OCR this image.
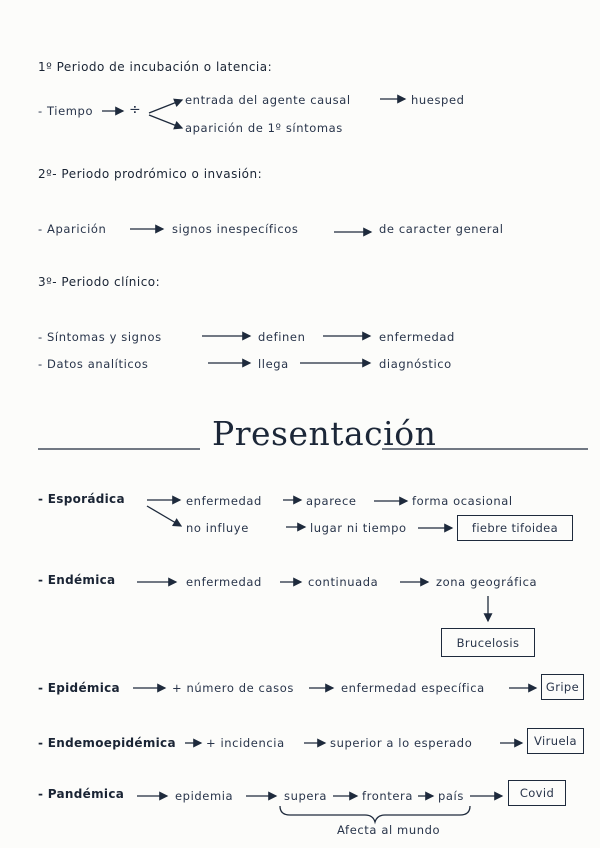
1º Periodo de incubación o latencia:
- Tiempo	÷
entrada del agente causal	huesped
aparición de 1º síntomas
2º- Periodo prodrómico o invasión:
- Aparición	signos inespecíficos	de caracter general
3º- Periodo clínico:
- Síntomas y signos	definen	enfermedad
- Datos analíticos	llega	diagnóstico
Presentación
- Esporádica	enfermedad	aparece	forma ocasional
no influye	lugar ni tiempo	fiebre tifoidea
- Endémica	enfermedad	continuada	zona geográfica
Brucelosis
- Epidémica	+ número de casos	enfermedad específica	Gripe
- Endemoepidémica	+ incidencia	superior a lo esperado	Viruela
- Pandémica	epidemia	supera	frontera país	Covid
Afecta al mundo
